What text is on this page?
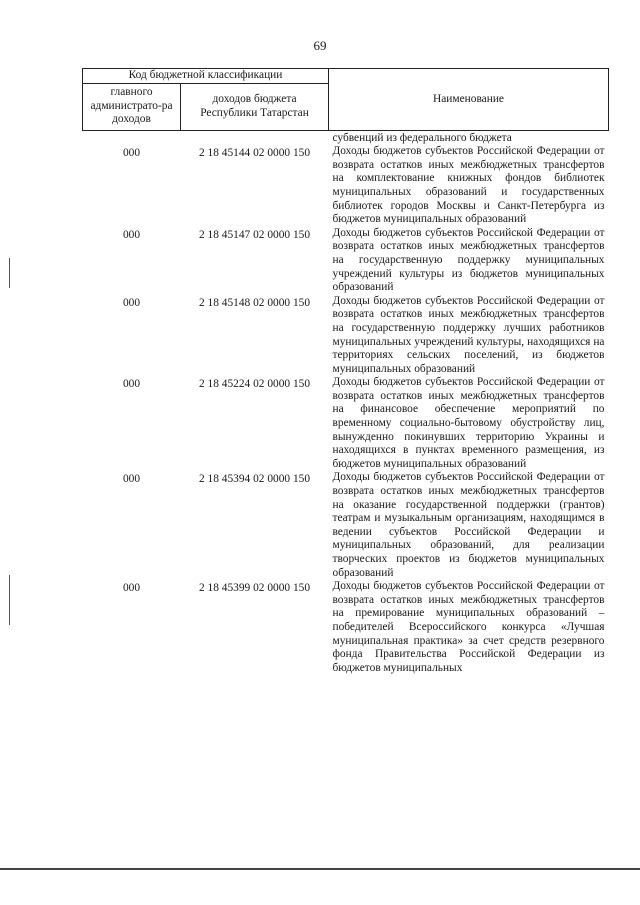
69
Код бюджетной классификации		Наименование
главного администрато-ра доходов	доходов бюджета Республики Татарстан	
		субвенций из федерального бюджета
000	2 18 45144 02 0000 150	Доходы бюджетов субъектов Российской Федерации от возврата остатков иных межбюджетных трансфертов на комплектование книжных фондов библиотек муниципальных образований и государственных библиотек городов Москвы и Санкт-Петербурга из бюджетов муниципальных образований
000	2 18 45147 02 0000 150	Доходы бюджетов субъектов Российской Федерации от возврата остатков иных межбюджетных трансфертов на государственную поддержку муниципальных учреждений культуры из бюджетов муниципальных образований
000	2 18 45148 02 0000 150	Доходы бюджетов субъектов Российской Федерации от возврата остатков иных межбюджетных трансфертов на государственную поддержку лучших работников муниципальных учреждений культуры, находящихся на территориях сельских поселений, из бюджетов муниципальных образований
000	2 18 45224 02 0000 150	Доходы бюджетов субъектов Российской Федерации от возврата остатков иных межбюджетных трансфертов на финансовое обеспечение мероприятий по временному социально-бытовому обустройству лиц, вынужденно покинувших территорию Украины и находящихся в пунктах временного размещения, из бюджетов муниципальных образований
000	2 18 45394 02 0000 150	Доходы бюджетов субъектов Российской Федерации от возврата остатков иных межбюджетных трансфертов на оказание государственной поддержки (грантов) театрам и музыкальным организациям, находящимся в ведении субъектов Российской Федерации и муниципальных образований, для реализации творческих проектов из бюджетов муниципальных образований
000	2 18 45399 02 0000 150	Доходы бюджетов субъектов Российской Федерации от возврата остатков иных межбюджетных трансфертов на премирование муниципальных образований – победителей Всероссийского конкурса «Лучшая муниципальная практика» за счет средств резервного фонда Правительства Российской Федерации из бюджетов муниципальных
